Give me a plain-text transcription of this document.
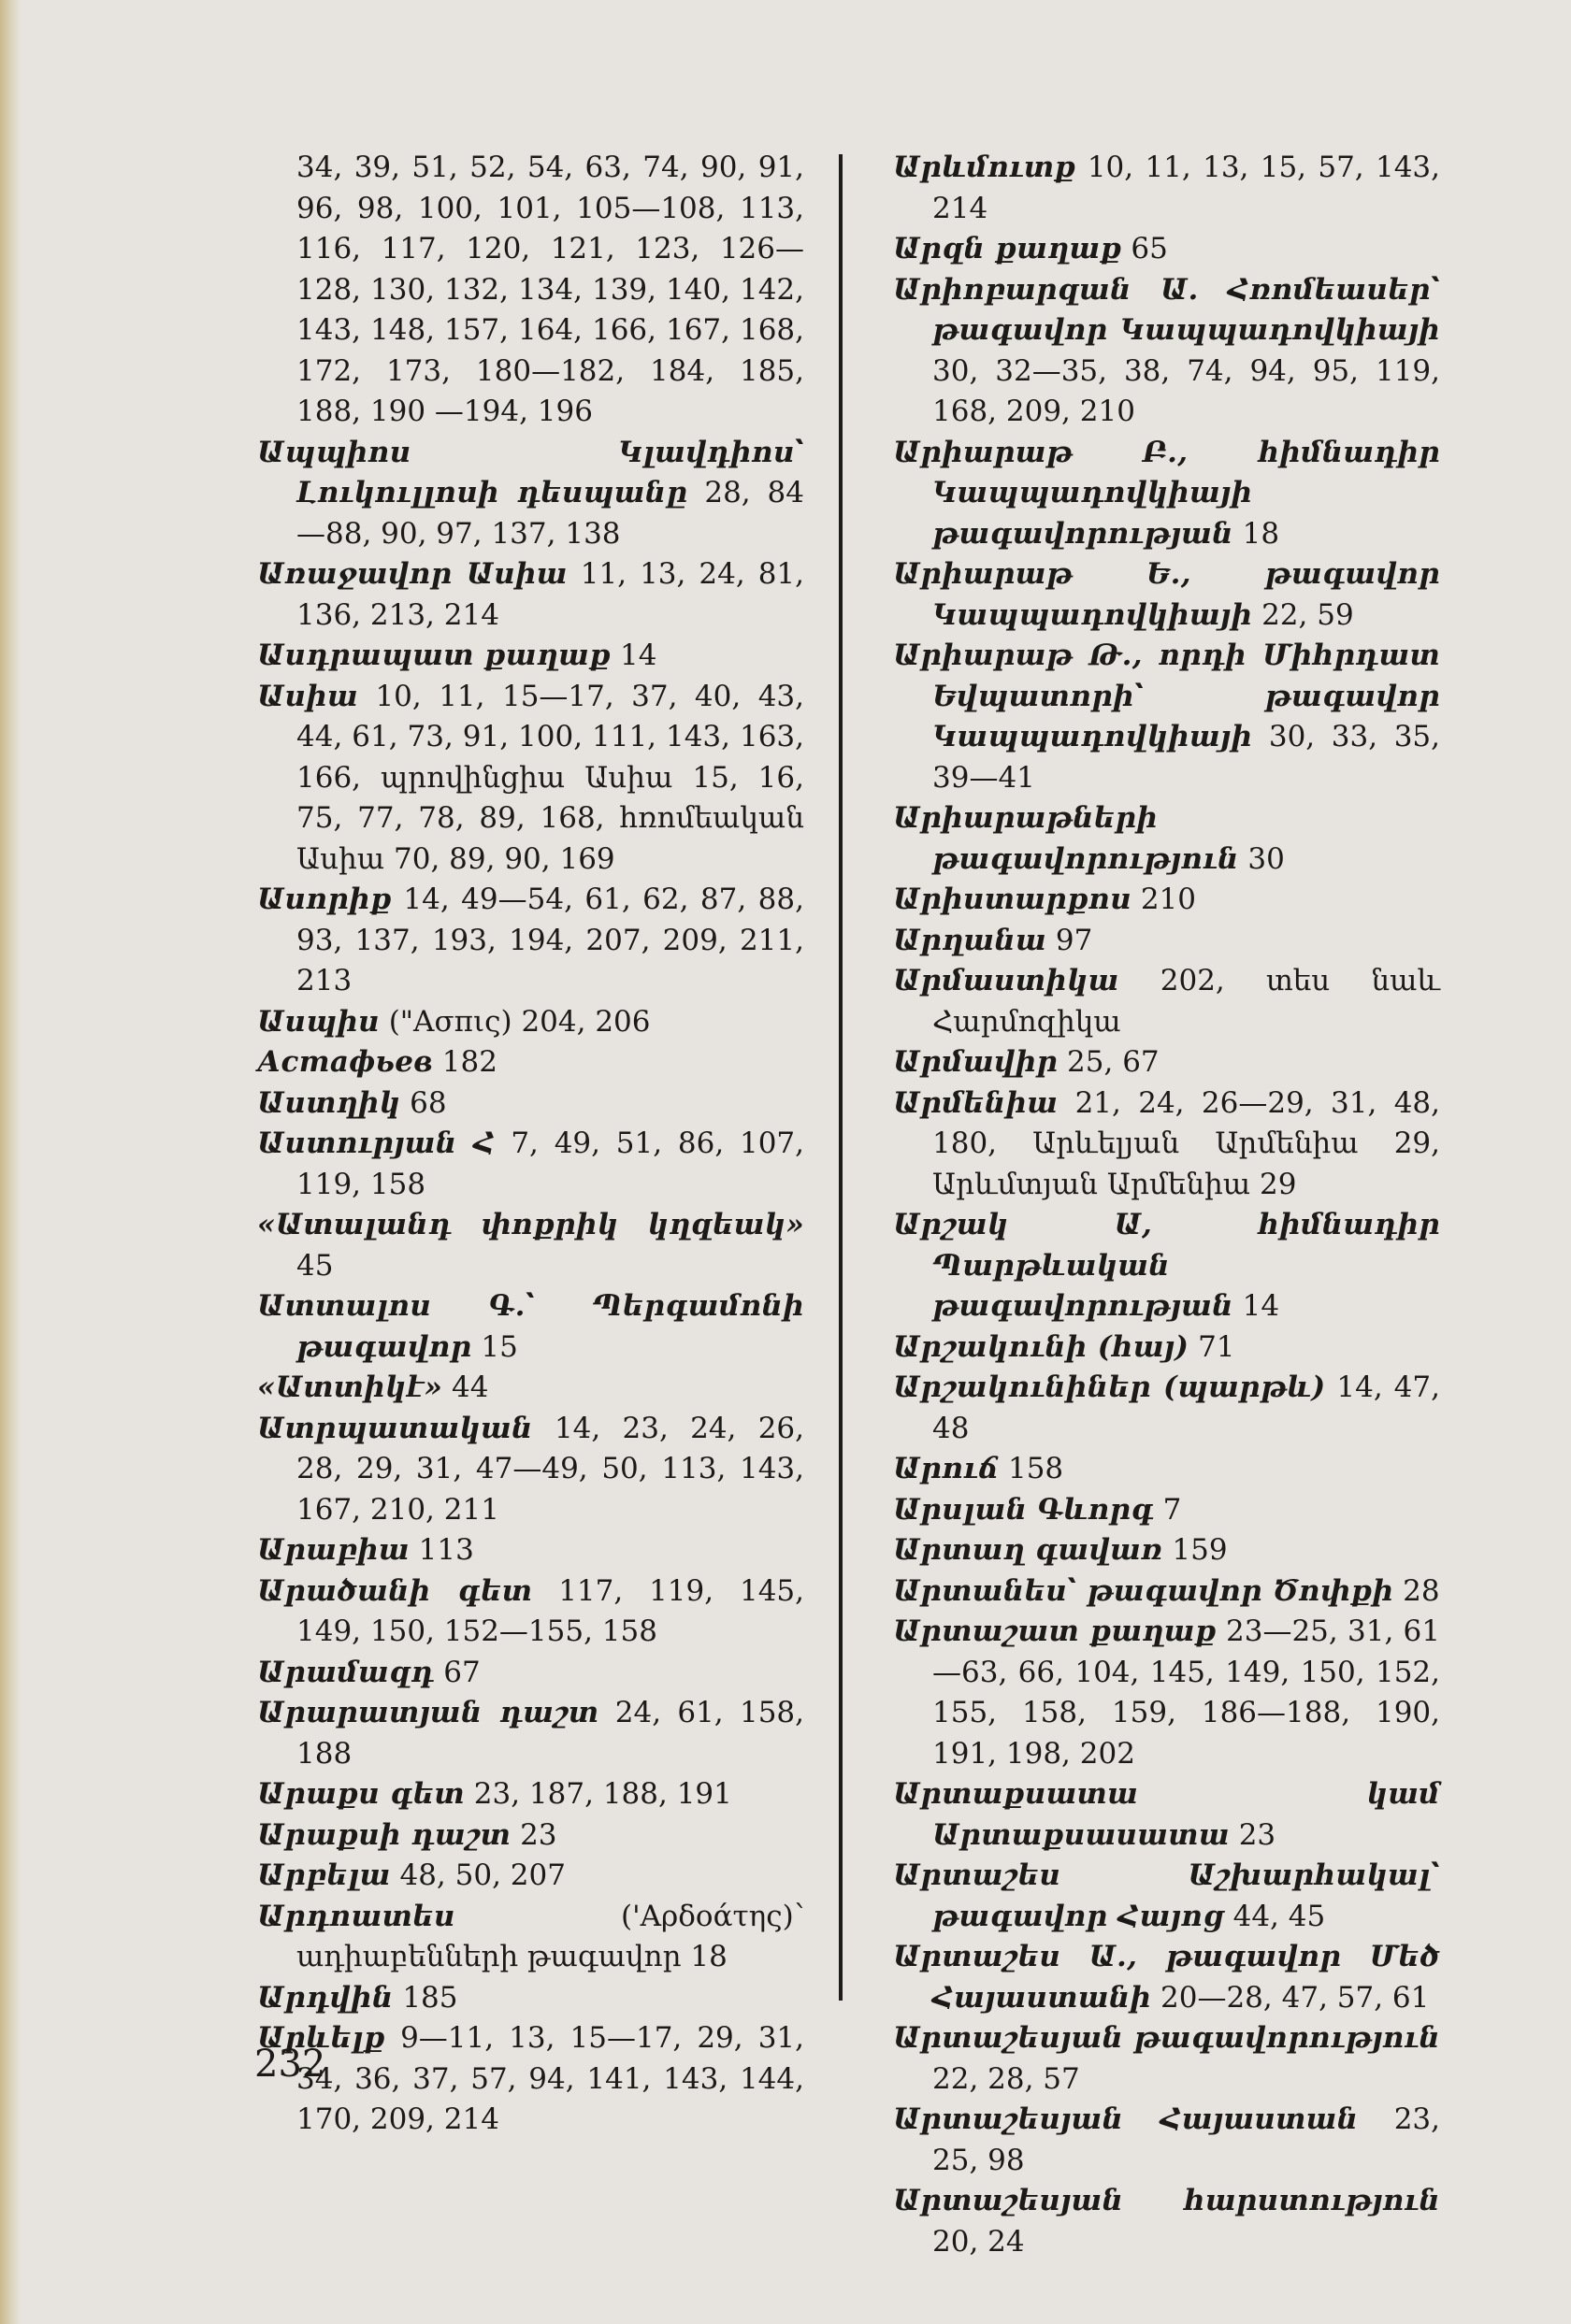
34, 39, 51, 52, 54, 63, 74, 90, 91, 96, 98, 100, 101, 105—108, 113, 116, 117, 120, 121, 123, 126—128, 130, 132, 134, 139, 140, 142, 143, 148, 157, 164, 166, 167, 168, 172, 173, 180—182, 184, 185, 188, 190 —194, 196

Ապպիոս Կլավդիոս՝ Լուկուլլոսի դեսպանը 28, 84—88, 90, 97, 137, 138

Առաջավոր Ասիա 11, 13, 24, 81, 136, 213, 214

Ասդրապատ քաղաք 14

Ասիա 10, 11, 15—17, 37, 40, 43, 44, 61, 73, 91, 100, 111, 143, 163, 166, պրովինցիա Ասիա 15, 16, 75, 77, 78, 89, 168, հռոմեական Ասիա 70, 89, 90, 169

Ասորիք 14, 49—54, 61, 62, 87, 88, 93, 137, 193, 194, 207, 209, 211, 213

Ասպիս ("Ασπις) 204, 206

Астафьев 182

Աստղիկ 68

Աստուրյան Հ 7, 49, 51, 86, 107, 119, 158

«Ատալանդ փոքրիկ կղզեակ» 45

Ատտալոս Գ.՝ Պերգամոնի թագավոր 15

«Ատտիկէ» 44

Ատրպատական 14, 23, 24, 26, 28, 29, 31, 47—49, 50, 113, 143, 167, 210, 211

Արաբիա 113

Արածանի գետ 117, 119, 145, 149, 150, 152—155, 158

Արամազդ 67

Արարատյան դաշտ 24, 61, 158, 188

Արաքս գետ 23, 187, 188, 191

Արաքսի դաշտ 23

Արբելա 48, 50, 207

Արդոատես	('Αρδοάτης)՝ ադիաբենների թագավոր 18

Արդվին 185

Արևելք 9—11, 13, 15—17, 29, 31, 34, 36, 37, 57, 94, 141, 143, 144, 170, 209, 214

Արևմուտք 10, 11, 13, 15, 57, 143, 214

Արզն քաղաք 65

Արիոբարզան Ա. Հռոմեասեր՝ թագավոր Կապպադովկիայի 30, 32—35, 38, 74, 94, 95, 119, 168, 209, 210

Արիարաթ Բ., հիմնադիր Կապպադովկիայի թագավորության 18

Արիարաթ Ե., թագավոր Կապպադովկիայի 22, 59

Արիարաթ Թ., որդի Միհրդատ Եվպատորի՝ թագավոր Կապպադովկիայի 30, 33, 35, 39—41

Արիարաթների թագավորություն 30

Արիստարքոս 210

Արղանա 97

Արմաստիկա 202, տես նաև Հարմոզիկա

Արմավիր 25, 67

Արմենիա 21, 24, 26—29, 31, 48, 180, Արևելյան Արմենիա 29, Արևմտյան Արմենիա 29

Արշակ Ա, հիմնադիր Պարթևական թագավորության 14

Արշակունի (հայ) 71

Արշակունիներ (պարթև) 14, 47, 48

Արուճ 158

Արսլան Գևորգ 7

Արտաղ գավառ 159

Արտանես՝ թագավոր Ծոփքի 28

Արտաշատ քաղաք 23—25, 31, 61—63, 66, 104, 145, 149, 150, 152, 155, 158, 159, 186—188, 190, 191, 198, 202

Արտաքսատա կամ Արտաքսասատա 23

Արտաշես Աշխարհակալ՝ թագավոր Հայոց 44, 45

Արտաշես Ա., թագավոր Մեծ Հայաստանի 20—28, 47, 57, 61

Արտաշեսյան թագավորություն 22, 28, 57

Արտաշեսյան Հայաստան 23, 25, 98

Արտաշեսյան հարստություն 20, 24

232
